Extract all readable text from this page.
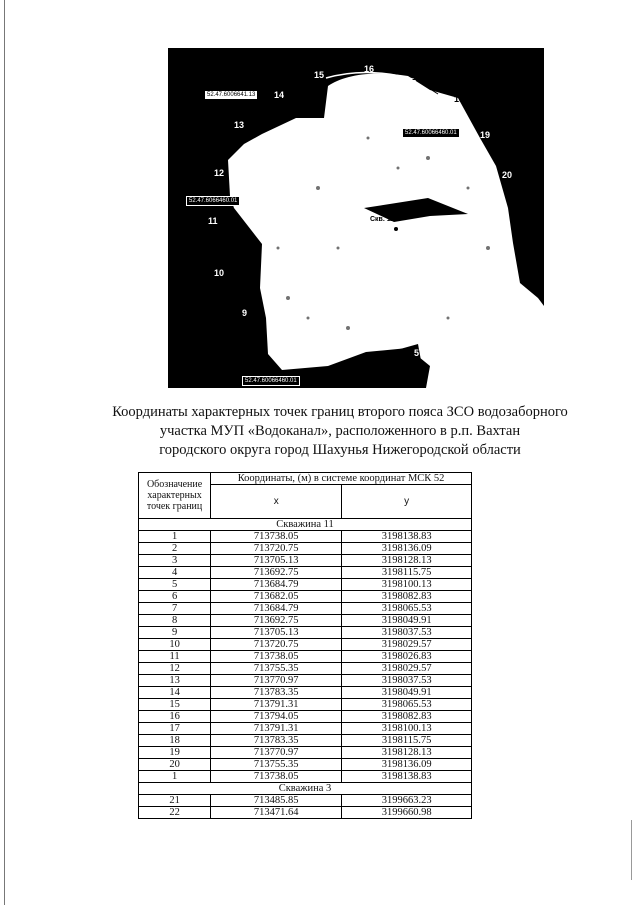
15
16
17
18
14
19
13
20
12
11
2
1
10
9
5
Скв. 11
52.47.6006641.13
52.47.6066460.01
52.47.60066460.01
52.47.60066460.01
Координаты характерных точек границ второго пояса ЗСО водозаборного
участка МУП «Водоканал», расположенного в р.п. Вахтан
городского округа город Шахунья Нижегородской области
Обозначение характерных точек границ	Координаты, (м) в системе координат МСК 52	
	x	y
Скважина 11		
1	713738.05	3198138.83
2	713720.75	3198136.09
3	713705.13	3198128.13
4	713692.75	3198115.75
5	713684.79	3198100.13
6	713682.05	3198082.83
7	713684.79	3198065.53
8	713692.75	3198049.91
9	713705.13	3198037.53
10	713720.75	3198029.57
11	713738.05	3198026.83
12	713755.35	3198029.57
13	713770.97	3198037.53
14	713783.35	3198049.91
15	713791.31	3198065.53
16	713794.05	3198082.83
17	713791.31	3198100.13
18	713783.35	3198115.75
19	713770.97	3198128.13
20	713755.35	3198136.09
1	713738.05	3198138.83
Скважина 3		
21	713485.85	3199663.23
22	713471.64	3199660.98
